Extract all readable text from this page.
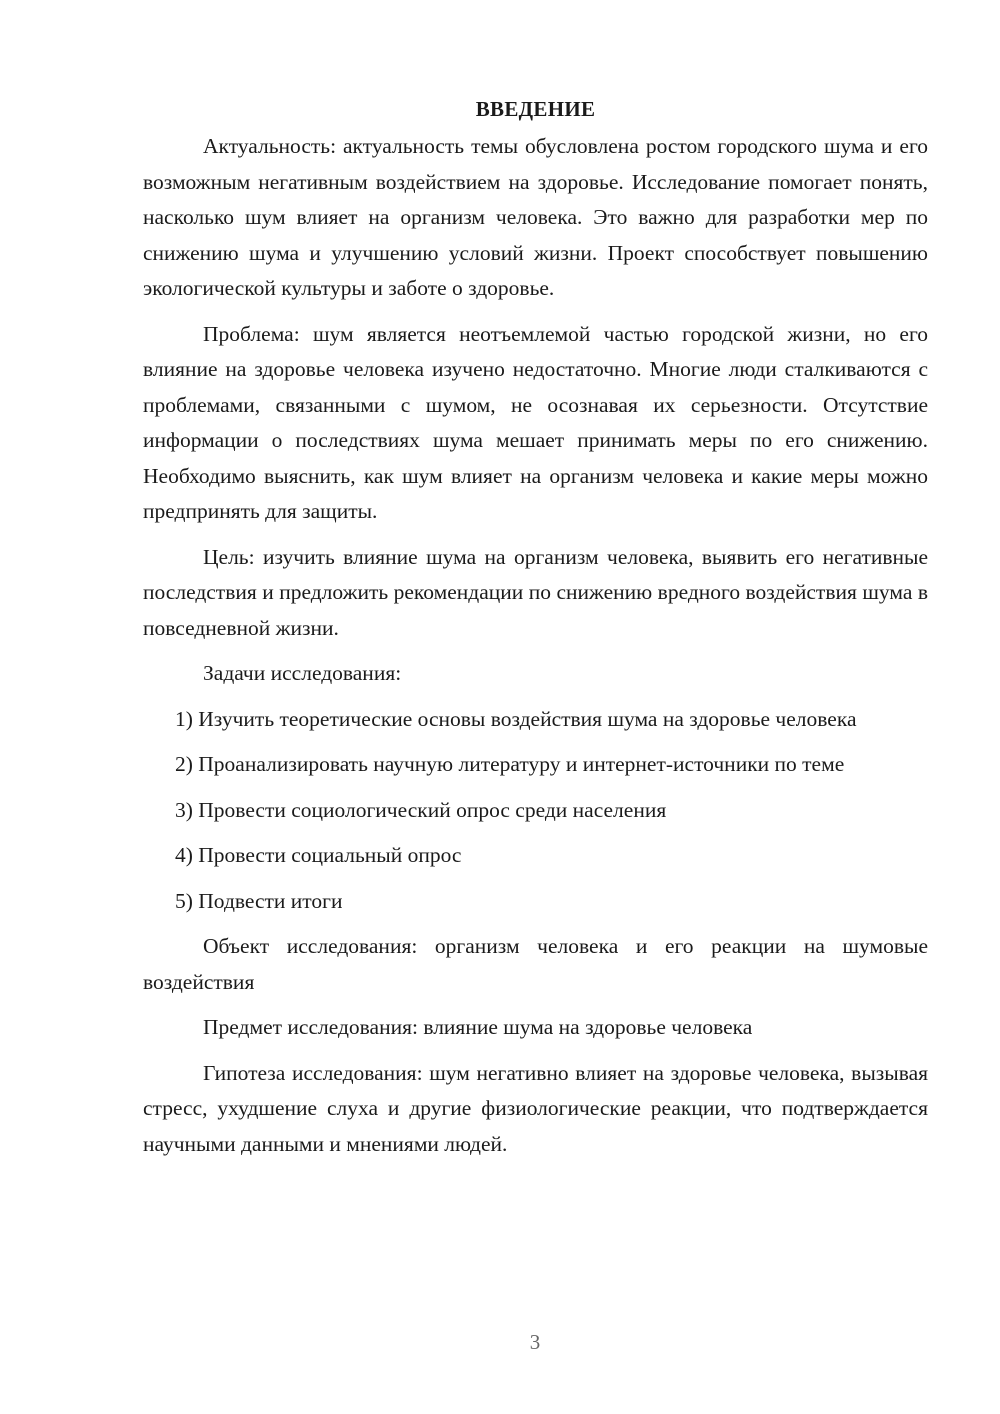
ВВЕДЕНИЕ

Актуальность: актуальность темы обусловлена ростом городского шума и его возможным негативным воздействием на здоровье. Исследование помогает понять, насколько шум влияет на организм человека. Это важно для разработки мер по снижению шума и улучшению условий жизни. Проект способствует повышению экологической культуры и заботе о здоровье.

Проблема: шум является неотъемлемой частью городской жизни, но его влияние на здоровье человека изучено недостаточно. Многие люди сталкиваются с проблемами, связанными с шумом, не осознавая их серьезности. Отсутствие информации о последствиях шума мешает принимать меры по его снижению. Необходимо выяснить, как шум влияет на организм человека и какие меры можно предпринять для защиты.

Цель: изучить влияние шума на организм человека, выявить его негативные последствия и предложить рекомендации по снижению вредного воздействия шума в повседневной жизни.

Задачи исследования:

1) Изучить теоретические основы воздействия шума на здоровье человека

2) Проанализировать научную литературу и интернет-источники по теме

3) Провести социологический опрос среди населения

4) Провести социальный опрос

5) Подвести итоги

Объект исследования: организм человека и его реакции на шумовые воздействия

Предмет исследования: влияние шума на здоровье человека

Гипотеза исследования: шум негативно влияет на здоровье человека, вызывая стресс, ухудшение слуха и другие физиологические реакции, что подтверждается научными данными и мнениями людей.

3
